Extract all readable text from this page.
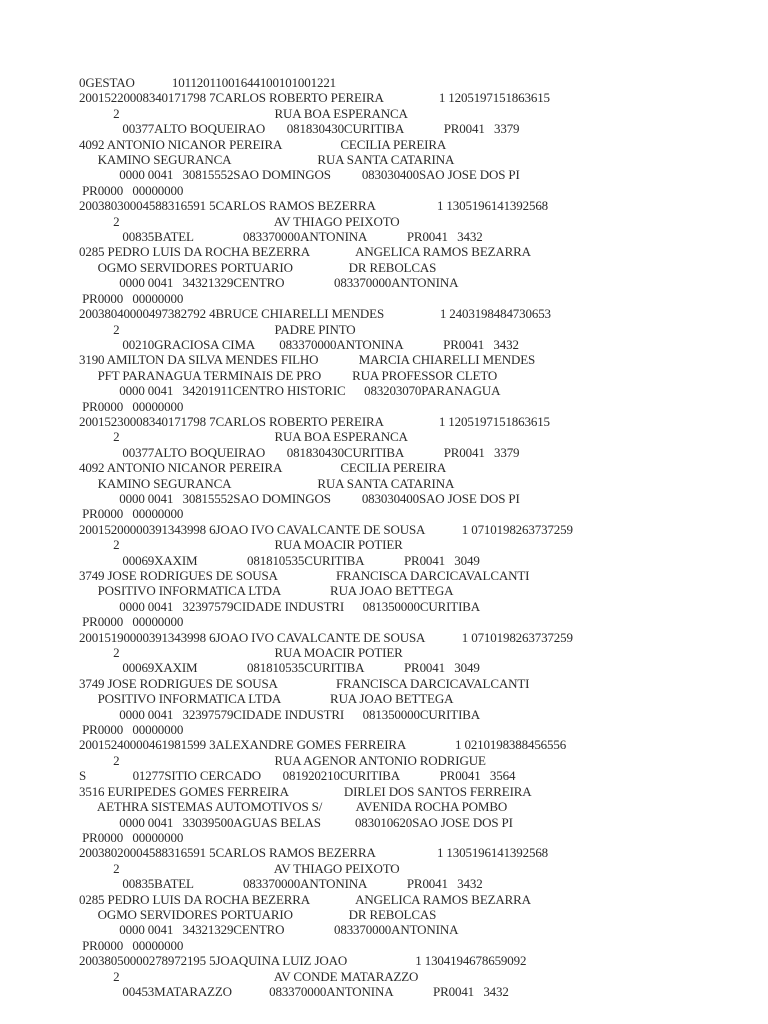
0GESTAO            10112011001644100101001221
20015220008340171798 7CARLOS ROBERTO PEREIRA                  1 1205197151863615
2                                                  RUA BOA ESPERANCA
00377ALTO BOQUEIRAO       081830430CURITIBA             PR0041   3379
4092 ANTONIO NICANOR PEREIRA                   CECILIA PEREIRA
KAMINO SEGURANCA                            RUA SANTA CATARINA
0000 0041   30815552SAO DOMINGOS          083030400SAO JOSE DOS PI
PR0000   00000000
20038030004588316591 5CARLOS RAMOS BEZERRA                    1 1305196141392568
2                                                  AV THIAGO PEIXOTO
00835BATEL                083370000ANTONINA             PR0041   3432
0285 PEDRO LUIS DA ROCHA BEZERRA               ANGELICA RAMOS BEZARRA
OGMO SERVIDORES PORTUARIO                  DR REBOLCAS
0000 0041   34321329CENTRO                083370000ANTONINA
PR0000   00000000
20038040000497382792 4BRUCE CHIARELLI MENDES                  1 2403198484730653
2                                                  PADRE PINTO
00210GRACIOSA CIMA        083370000ANTONINA             PR0041   3432
3190 AMILTON DA SILVA MENDES FILHO             MARCIA CHIARELLI MENDES
PFT PARANAGUA TERMINAIS DE PRO          RUA PROFESSOR CLETO
0000 0041   34201911CENTRO HISTORIC      083203070PARANAGUA
PR0000   00000000
20015230008340171798 7CARLOS ROBERTO PEREIRA                  1 1205197151863615
2                                                  RUA BOA ESPERANCA
00377ALTO BOQUEIRAO       081830430CURITIBA             PR0041   3379
4092 ANTONIO NICANOR PEREIRA                   CECILIA PEREIRA
KAMINO SEGURANCA                            RUA SANTA CATARINA
0000 0041   30815552SAO DOMINGOS          083030400SAO JOSE DOS PI
PR0000   00000000
20015200000391343998 6JOAO IVO CAVALCANTE DE SOUSA            1 0710198263737259
2                                                  RUA MOACIR POTIER
00069XAXIM                081810535CURITIBA             PR0041   3049
3749 JOSE RODRIGUES DE SOUSA                   FRANCISCA DARCICAVALCANTI
POSITIVO INFORMATICA LTDA                RUA JOAO BETTEGA
0000 0041   32397579CIDADE INDUSTRI      081350000CURITIBA
PR0000   00000000
20015190000391343998 6JOAO IVO CAVALCANTE DE SOUSA            1 0710198263737259
2                                                  RUA MOACIR POTIER
00069XAXIM                081810535CURITIBA             PR0041   3049
3749 JOSE RODRIGUES DE SOUSA                   FRANCISCA DARCICAVALCANTI
POSITIVO INFORMATICA LTDA                RUA JOAO BETTEGA
0000 0041   32397579CIDADE INDUSTRI      081350000CURITIBA
PR0000   00000000
20015240000461981599 3ALEXANDRE GOMES FERREIRA                1 0210198388456556
2                                                  RUA AGENOR ANTONIO RODRIGUE
S               01277SITIO CERCADO       081920210CURITIBA             PR0041   3564
3516 EURIPEDES GOMES FERREIRA                  DIRLEI DOS SANTOS FERREIRA
AETHRA SISTEMAS AUTOMOTIVOS S/           AVENIDA ROCHA POMBO
0000 0041   33039500AGUAS BELAS           083010620SAO JOSE DOS PI
PR0000   00000000
20038020004588316591 5CARLOS RAMOS BEZERRA                    1 1305196141392568
2                                                  AV THIAGO PEIXOTO
00835BATEL                083370000ANTONINA             PR0041   3432
0285 PEDRO LUIS DA ROCHA BEZERRA               ANGELICA RAMOS BEZARRA
OGMO SERVIDORES PORTUARIO                  DR REBOLCAS
0000 0041   34321329CENTRO                083370000ANTONINA
PR0000   00000000
20038050000278972195 5JOAQUINA LUIZ JOAO                      1 1304194678659092
2                                                  AV CONDE MATARAZZO
00453MATARAZZO            083370000ANTONINA             PR0041   3432
